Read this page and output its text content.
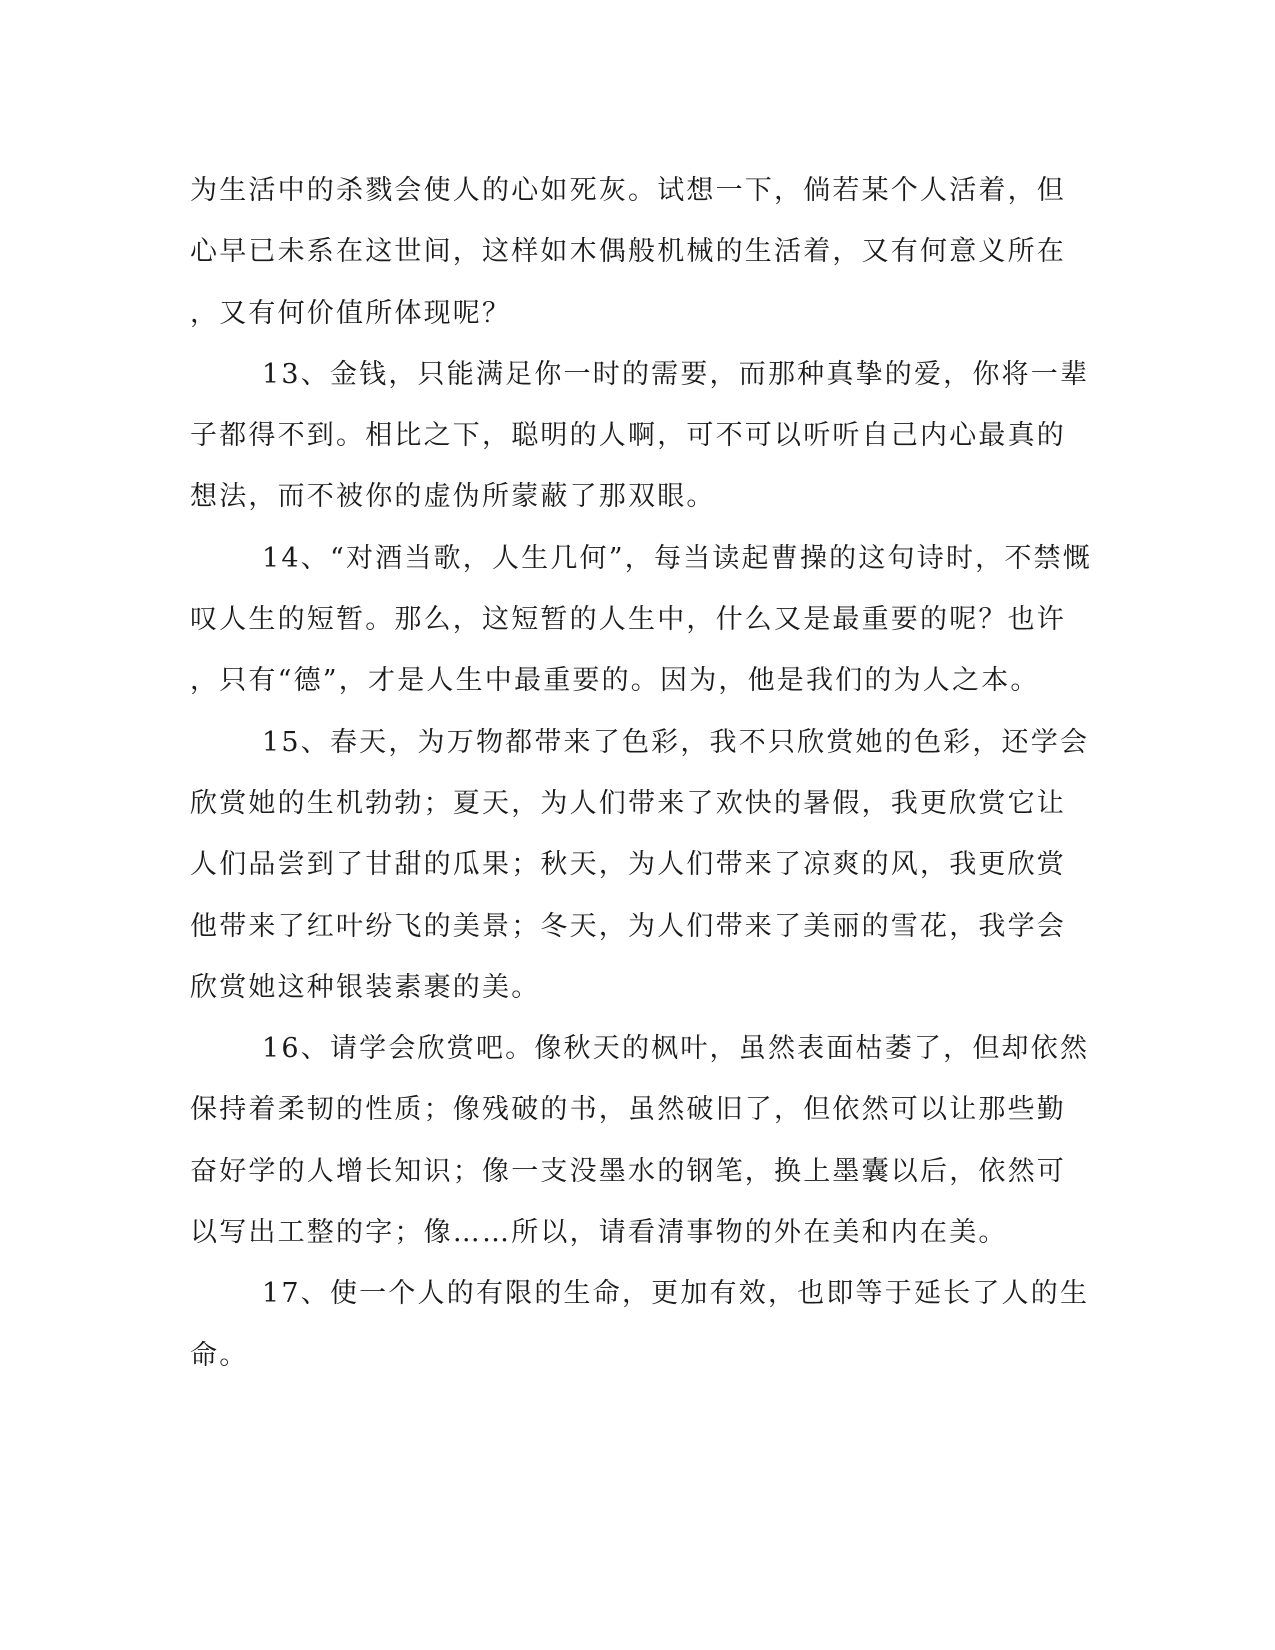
为生活中的杀戮会使人的心如死灰。试想一下，倘若某个人活着，但
心早已未系在这世间，这样如木偶般机械的生活着，又有何意义所在
，又有何价值所体现呢？
13、金钱，只能满足你一时的需要，而那种真挚的爱，你将一辈
子都得不到。相比之下，聪明的人啊，可不可以听听自己内心最真的
想法，而不被你的虚伪所蒙蔽了那双眼。
14、“对酒当歌，人生几何”，每当读起曹操的这句诗时，不禁慨
叹人生的短暂。那么，这短暂的人生中，什么又是最重要的呢？也许
，只有“德”，才是人生中最重要的。因为，他是我们的为人之本。
15、春天，为万物都带来了色彩，我不只欣赏她的色彩，还学会
欣赏她的生机勃勃；夏天，为人们带来了欢快的暑假，我更欣赏它让
人们品尝到了甘甜的瓜果；秋天，为人们带来了凉爽的风，我更欣赏
他带来了红叶纷飞的美景；冬天，为人们带来了美丽的雪花，我学会
欣赏她这种银装素裹的美。
16、请学会欣赏吧。像秋天的枫叶，虽然表面枯萎了，但却依然
保持着柔韧的性质；像残破的书，虽然破旧了，但依然可以让那些勤
奋好学的人增长知识；像一支没墨水的钢笔，换上墨囊以后，依然可
以写出工整的字；像……所以，请看清事物的外在美和内在美。
17、使一个人的有限的生命，更加有效，也即等于延长了人的生
命。
